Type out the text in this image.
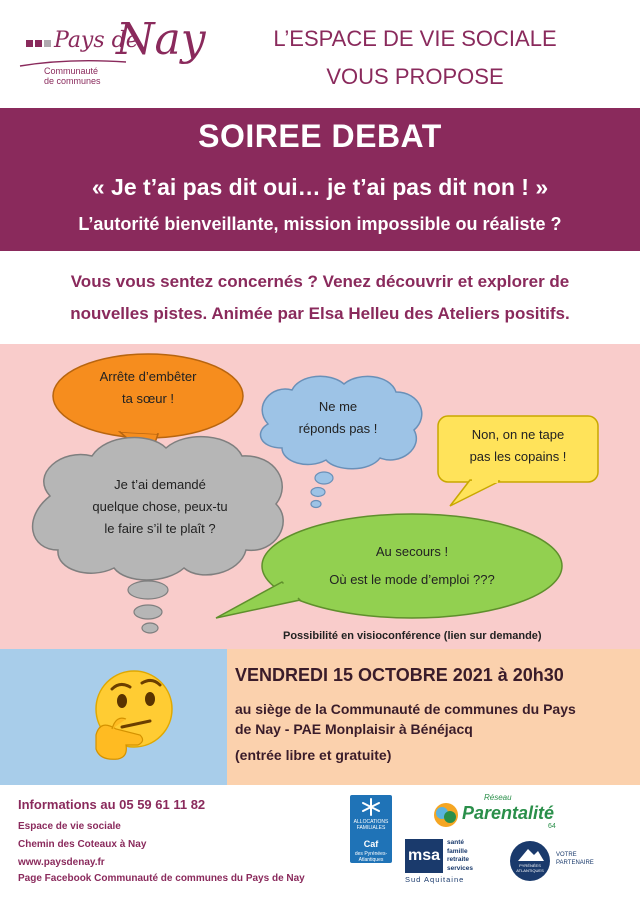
Pays de
Nay
Communauté
de communes
L’ESPACE DE VIE SOCIALE
VOUS PROPOSE
SOIREE DEBAT
« Je t’ai pas dit oui… je t’ai pas dit non ! »
L’autorité bienveillante, mission impossible ou réaliste ?
Vous vous sentez concernés ? Venez découvrir et explorer de
nouvelles pistes. Animée par Elsa Helleu des Ateliers positifs.
Arrête d’embêter
ta sœur !
Ne me
réponds pas !	Non, on ne tape
pas les copains !
Je t’ai demandé
quelque chose, peux-tu
le faire s’il te plaît ?
Au secours !
Où est le mode d’emploi ???
Possibilité en visioconférence (lien sur demande)
VENDREDI 15 OCTOBRE 2021 à 20h30
au siège de la Communauté de communes du Pays
de Nay - PAE Monplaisir à Bénéjacq
(entrée libre et gratuite)
Informations au 05 59 61 11 82
Espace de vie sociale
Chemin des Coteaux à Nay
www.paysdenay.fr
Page Facebook Communauté de communes du Pays de Nay
ALLOCATIONS FAMILIALES
Caf
des Pyrénées-Atlantiques
Réseau
Parentalité
64
msa
santé
famille
retraite
services
Sud Aquitaine
PYRÉNÉES ATLANTIQUES
VOTRE
PARTENAIRE
